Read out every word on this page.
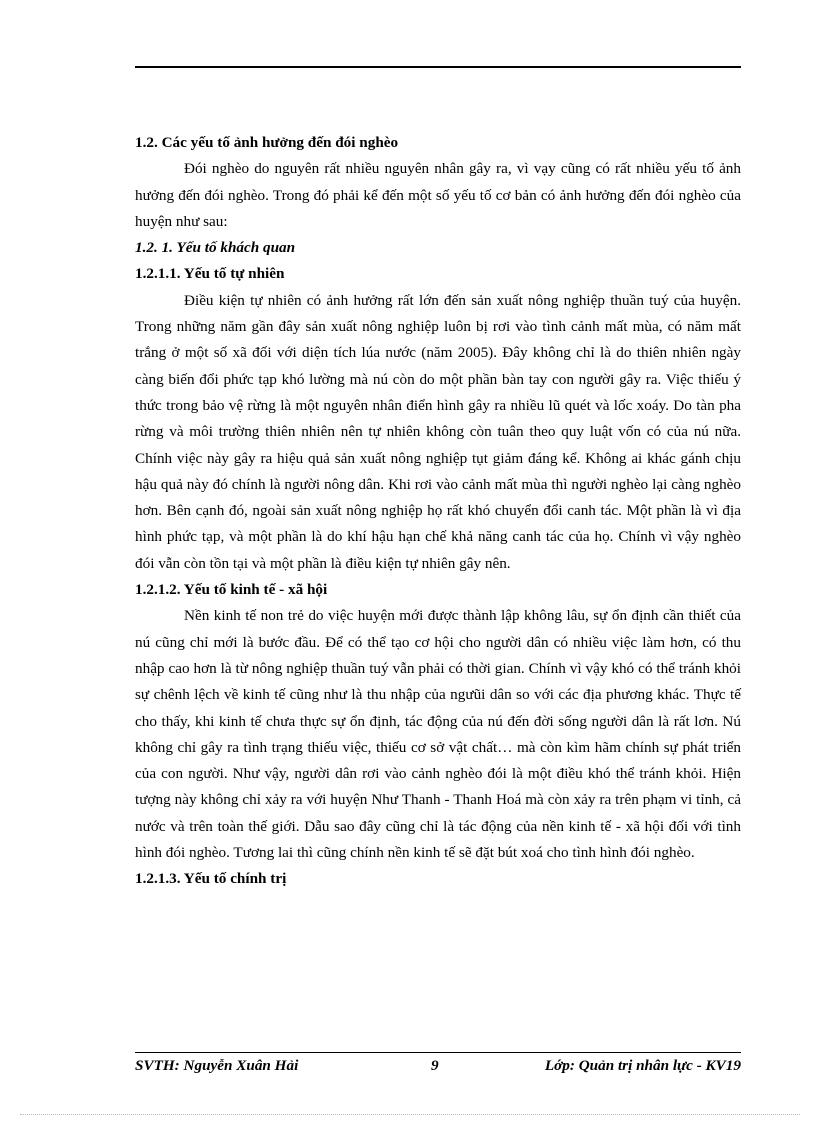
1.2. Các yếu tố ảnh hưởng đến đói nghèo

Đói nghèo do nguyên rất nhiều nguyên nhân gây ra, vì vạy cũng có rất nhiều yếu tố ảnh hưởng đến đói nghèo. Trong đó phải kể đến một số yếu tố cơ bản có ảnh hưởng đến đói nghèo của huyện như sau:

1.2. 1. Yếu tố khách quan

1.2.1.1. Yếu tố tự nhiên

Điều kiện tự nhiên có ảnh hưởng rất lớn đến sản xuất nông nghiệp thuần tuý của huyện. Trong những năm gần đây sản xuất nông nghiệp luôn bị rơi vào tình cảnh mất mùa, có năm mất trắng ở một số xã đối với diện tích lúa nước (năm 2005). Đây không chỉ là do thiên nhiên ngày càng biến đổi phức tạp khó lường mà nú còn do một phần bàn tay con người gây ra. Việc thiếu ý thức trong bảo vệ rừng là một nguyên nhân điển hình gây ra nhiều lũ quét và lốc xoáy. Do tàn pha rừng và môi trường thiên nhiên nên tự nhiên không còn tuân theo quy luật vốn có của nú nữa. Chính việc này gây ra hiệu quả sản xuất nông nghiệp tụt giảm đáng kể. Không ai khác gánh chịu hậu quả này đó chính là người nông dân. Khi rơi vào cảnh mất mùa thì người nghèo lại càng nghèo hơn. Bên cạnh đó, ngoài sản xuất nông nghiệp họ rất khó chuyển đổi canh tác. Một phần là vì địa hình phức tạp, và một phần là do khí hậu hạn chế khả năng canh tác của họ. Chính vì vậy nghèo đói vẫn còn tồn tại và một phần là điều kiện tự nhiên gây nên.

1.2.1.2. Yếu tố kinh tế - xã hội

Nền kinh tế non trẻ do việc huyện mới được thành lập không lâu, sự ổn định cần thiết của nú cũng chỉ mới là bước đầu. Để có thể tạo cơ hội cho người dân có nhiều việc làm hơn, có thu nhập cao hơn là từ nông nghiệp thuần tuý vẫn phải có thời gian. Chính vì vậy khó có thể tránh khỏi sự chênh lệch về kinh tế cũng như là thu nhập của ngưũi dân so với các địa phương khác. Thực tế cho thấy, khi kinh tế chưa thực sự ổn định, tác động của nú đến đời sống người dân là rất lơn. Nú không chỉ gây ra tình trạng thiếu việc, thiếu cơ sở vật chất… mà còn kìm hãm chính sự phát triển của con người. Như vậy, người dân rơi vào cảnh nghèo đói là một điều khó thể tránh khỏi. Hiện tượng này không chỉ xảy ra với huyện Như Thanh - Thanh Hoá mà còn xảy ra trên phạm vi tỉnh, cả nước và trên toàn thế giới. Dẫu sao đây cũng chỉ là tác động của nền kinh tế - xã hội đối với tình hình đói nghèo. Tương lai thì cũng chính nền kinh tế sẽ đặt bút xoá cho tình hình đói nghèo.

1.2.1.3. Yếu tố chính trị

SVTH: Nguyễn Xuân Hải	9	Lớp: Quản trị nhân lực - KV19
